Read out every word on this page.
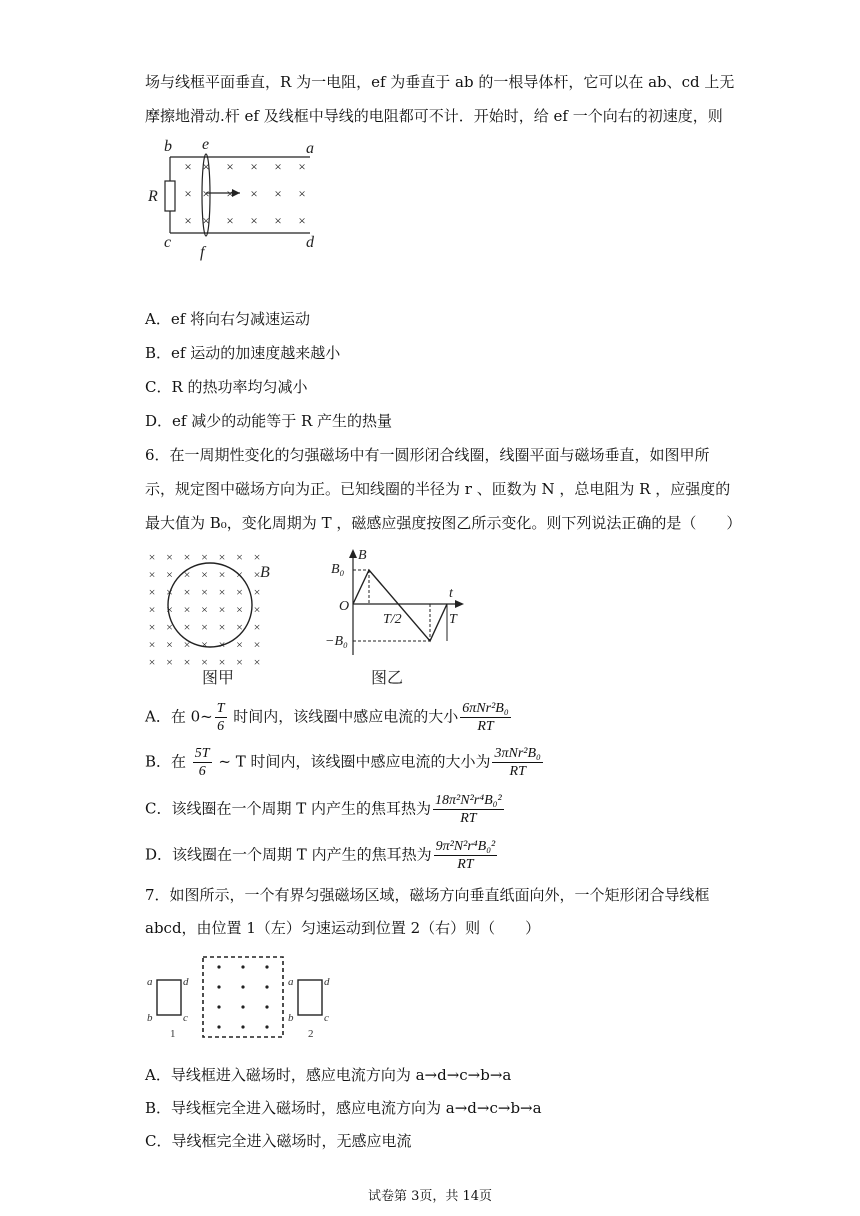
场与线框平面垂直，R 为一电阻，ef 为垂直于 ab 的一根导体杆，它可以在 ab、cd 上无
摩擦地滑动.杆 ef 及线框中导线的电阻都可不计．开始时，给 ef 一个向右的初速度，则
× × × × × ×
× × × × × ×
× × × × × ×
b e	a
R
c
f
d
A．ef 将向右匀减速运动
B．ef 运动的加速度越来越小
C．R 的热功率均匀减小
D．ef 减少的动能等于 R 产生的热量
6．在一周期性变化的匀强磁场中有一圆形闭合线圈，线圈平面与磁场垂直，如图甲所
示，规定图中磁场方向为正。已知线圈的半径为 r 、匝数为 N ，总电阻为 R ，应强度的
最大值为 B₀，变化周期为 T ，磁感应强度按图乙所示变化。则下列说法正确的是（　　）
× × × × × × ×
× × × × × × ×
× × × × × × ×
× × × × × × ×
× × × × × × ×
× × × × × × ×
× × × × × × ×
B
图甲
B
t
B₀
O
T/2	T
−B₀
图乙
A．在 0~ $\frac{T}{6}$ 时间内，该线圈中感应电流的大小 $\frac{\text{6πNr²B₀}}{RT}$
B．在 $\frac{5T}{6}$ ~ T 时间内，该线圈中感应电流的大小为 $\frac{\text{3πNr²B₀}}{RT}$
C．该线圈在一个周期 T 内产生的焦耳热为 $\frac{\text{18π²N²r⁴B₀²}}{RT}$
D．该线圈在一个周期 T 内产生的焦耳热为 $\frac{\text{9π²N²r⁴B₀²}}{RT}$
7．如图所示，一个有界匀强磁场区域，磁场方向垂直纸面向外，一个矩形闭合导线框
abcd，由位置 1（左）匀速运动到位置 2（右）则（　　）
a	d
b	c
1
a	d
b	c
2
A．导线框进入磁场时，感应电流方向为 a→d→c→b→a
B．导线框完全进入磁场时，感应电流方向为 a→d→c→b→a
C．导线框完全进入磁场时，无感应电流
试卷第 3页，共 14页
